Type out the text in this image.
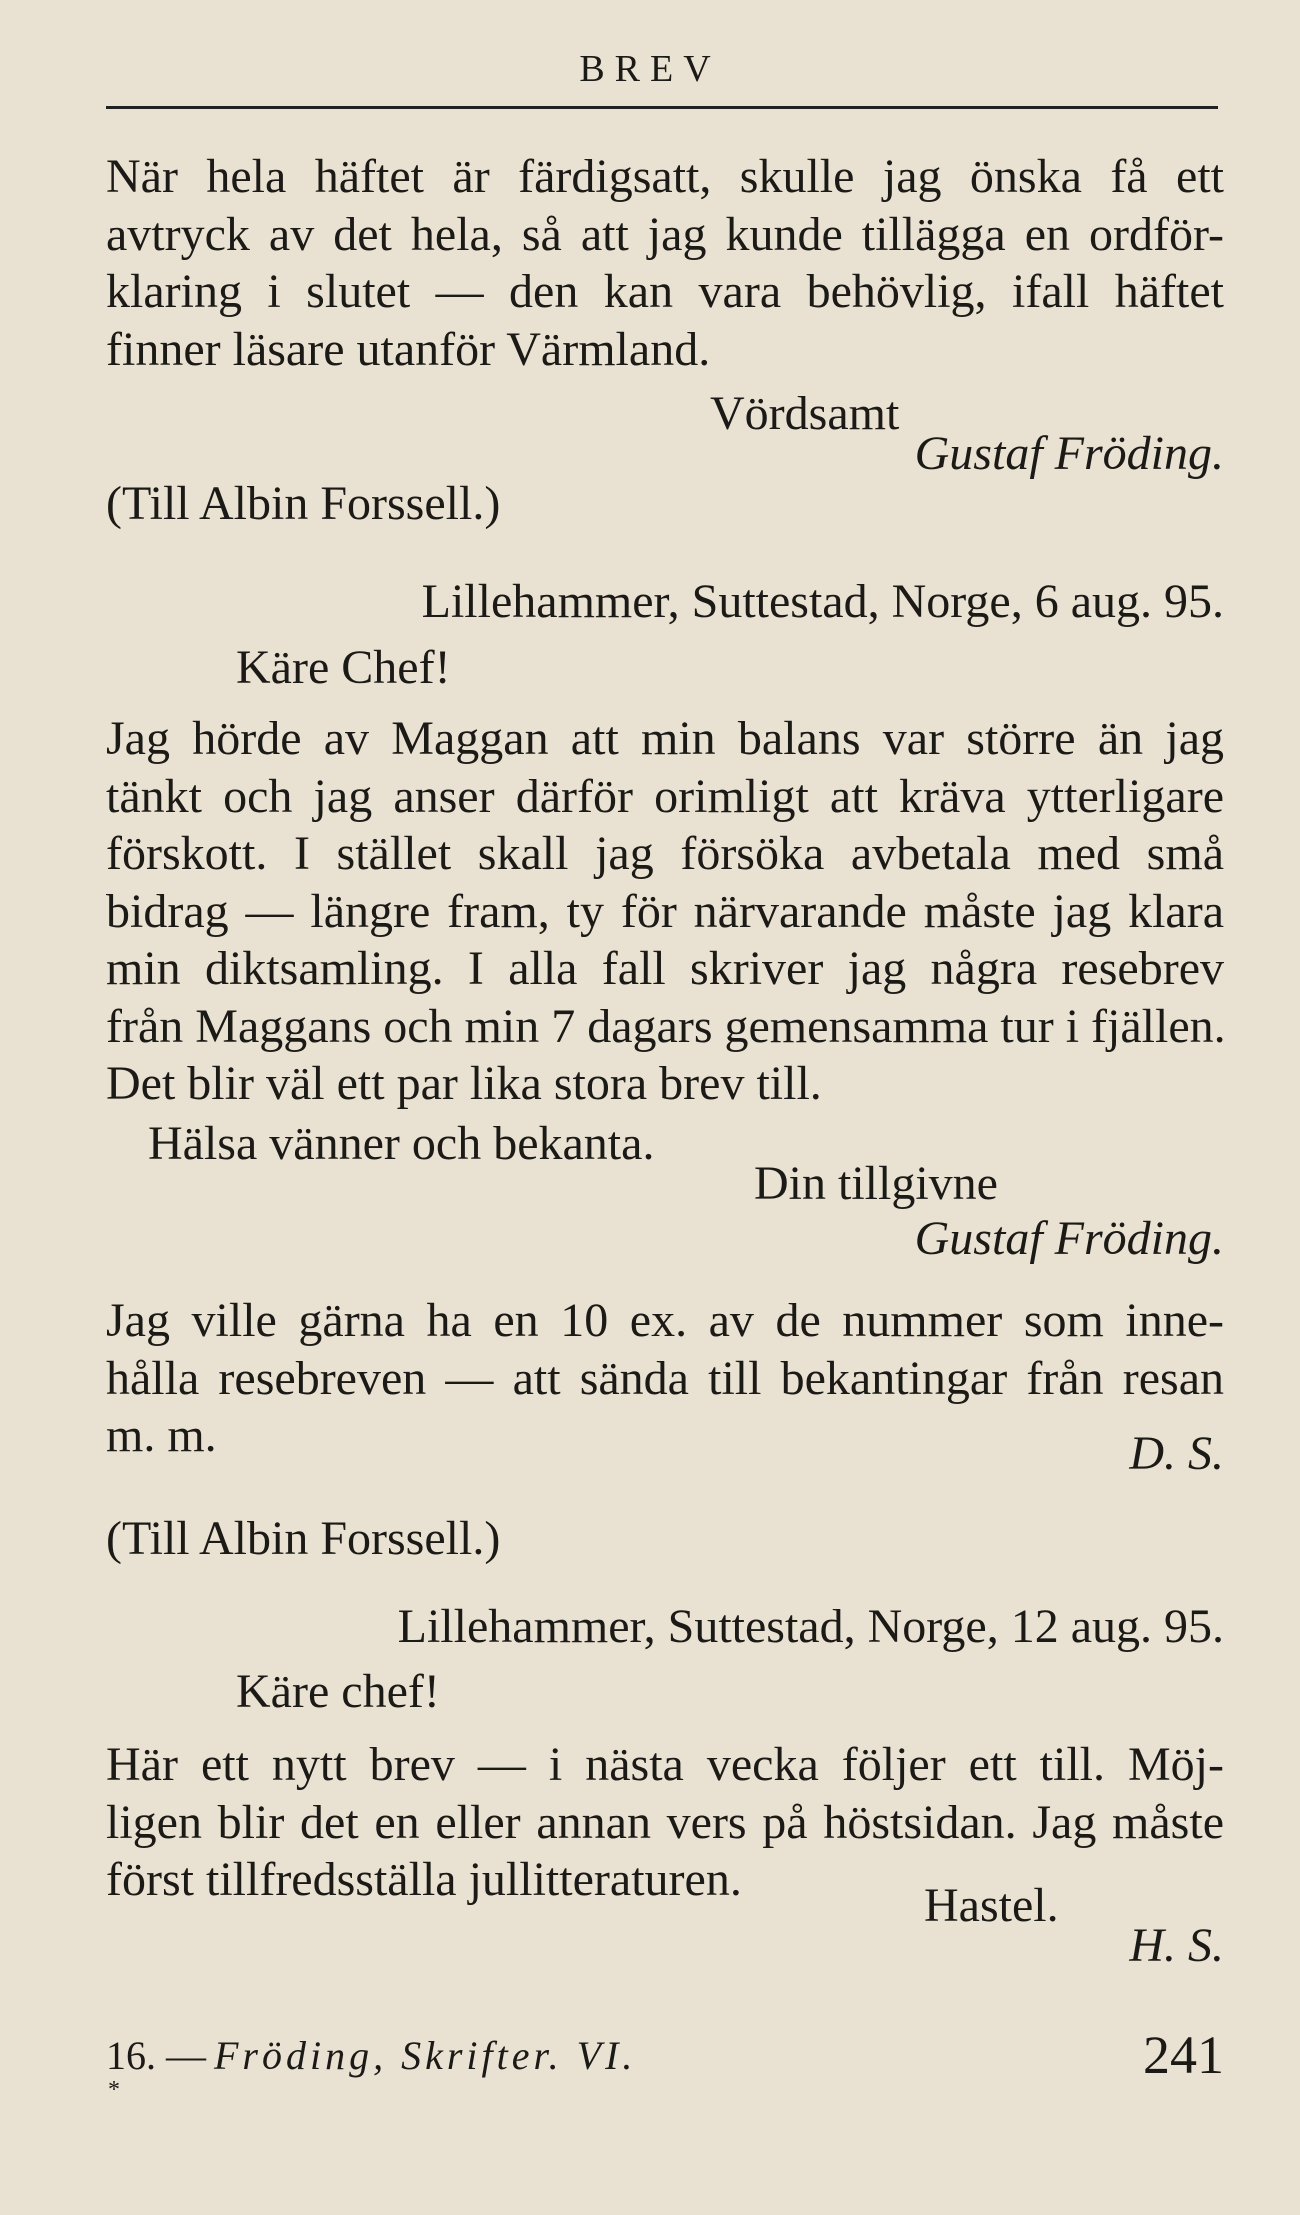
BREV
När hela häftet är färdigsatt, skulle jag önska få ett
avtryck av det hela, så att jag kunde tillägga en ordför-
klaring i slutet — den kan vara behövlig, ifall häftet
finner läsare utanför Värmland.
Vördsamt
Gustaf Fröding.
(Till Albin Forssell.)
Lillehammer, Suttestad, Norge, 6 aug. 95.
Käre Chef!
Jag hörde av Maggan att min balans var större än jag
tänkt och jag anser därför orimligt att kräva ytterligare
förskott. I stället skall jag försöka avbetala med små
bidrag — längre fram, ty för närvarande måste jag klara
min diktsamling. I alla fall skriver jag några resebrev
från Maggans och min 7 dagars gemensamma tur i fjällen.
Det blir väl ett par lika stora brev till.
Hälsa vänner och bekanta.
Din tillgivne
Gustaf Fröding.
Jag ville gärna ha en 10 ex. av de nummer som inne-
hålla resebreven — att sända till bekantingar från resan
m. m.	D. S.
(Till Albin Forssell.)
Lillehammer, Suttestad, Norge, 12 aug. 95.
Käre chef!
Här ett nytt brev — i nästa vecka följer ett till. Möj-
ligen blir det en eller annan vers på höstsidan. Jag måste
först tillfredsställa jullitteraturen.	Hastel.
H. S.
16. — Fröding, Skrifter. VI.
*
241
